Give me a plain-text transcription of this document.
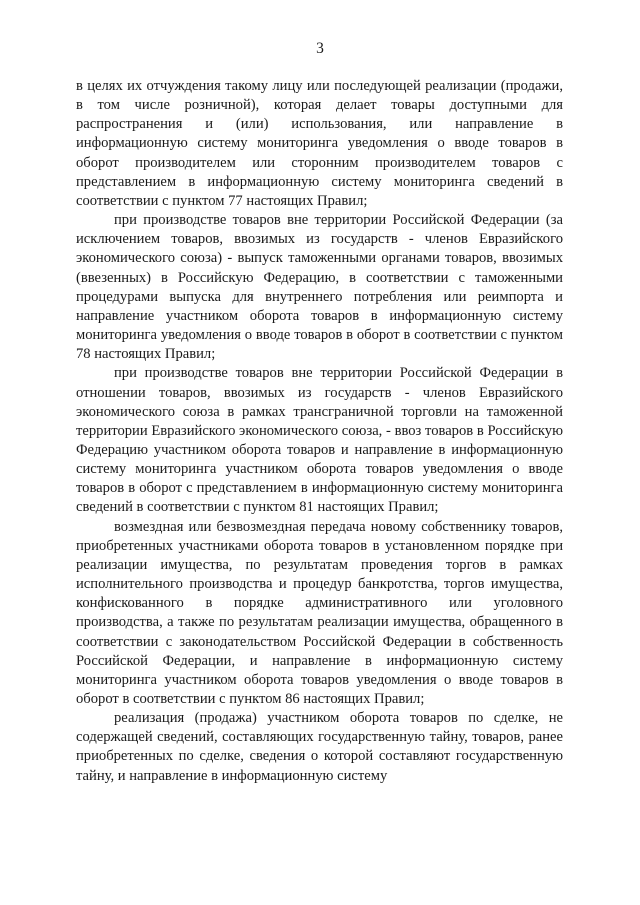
3

в целях их отчуждения такому лицу или последующей реализации (продажи, в том числе розничной), которая делает товары доступными для распространения и (или) использования, или направление в информационную систему мониторинга уведомления о вводе товаров в оборот производителем или сторонним производителем товаров с представлением в информационную систему мониторинга сведений в соответствии с пунктом 77 настоящих Правил;

при производстве товаров вне территории Российской Федерации (за исключением товаров, ввозимых из государств - членов Евразийского экономического союза) - выпуск таможенными органами товаров, ввозимых (ввезенных) в Российскую Федерацию, в соответствии с таможенными процедурами выпуска для внутреннего потребления или реимпорта и направление участником оборота товаров в информационную систему мониторинга уведомления о вводе товаров в оборот в соответствии с пунктом 78 настоящих Правил;

при производстве товаров вне территории Российской Федерации в отношении товаров, ввозимых из государств - членов Евразийского экономического союза в рамках трансграничной торговли на таможенной территории Евразийского экономического союза, - ввоз товаров в Российскую Федерацию участником оборота товаров и направление в информационную систему мониторинга участником оборота товаров уведомления о вводе товаров в оборот с представлением в информационную систему мониторинга сведений в соответствии с пунктом 81 настоящих Правил;

возмездная или безвозмездная передача новому собственнику товаров, приобретенных участниками оборота товаров в установленном порядке при реализации имущества, по результатам проведения торгов в рамках исполнительного производства и процедур банкротства, торгов имущества, конфискованного в порядке административного или уголовного производства, а также по результатам реализации имущества, обращенного в соответствии с законодательством Российской Федерации в собственность Российской Федерации, и направление в информационную систему мониторинга участником оборота товаров уведомления о вводе товаров в оборот в соответствии с пунктом 86 настоящих Правил;

реализация (продажа) участником оборота товаров по сделке, не содержащей сведений, составляющих государственную тайну, товаров, ранее приобретенных по сделке, сведения о которой составляют государственную тайну, и направление в информационную систему
